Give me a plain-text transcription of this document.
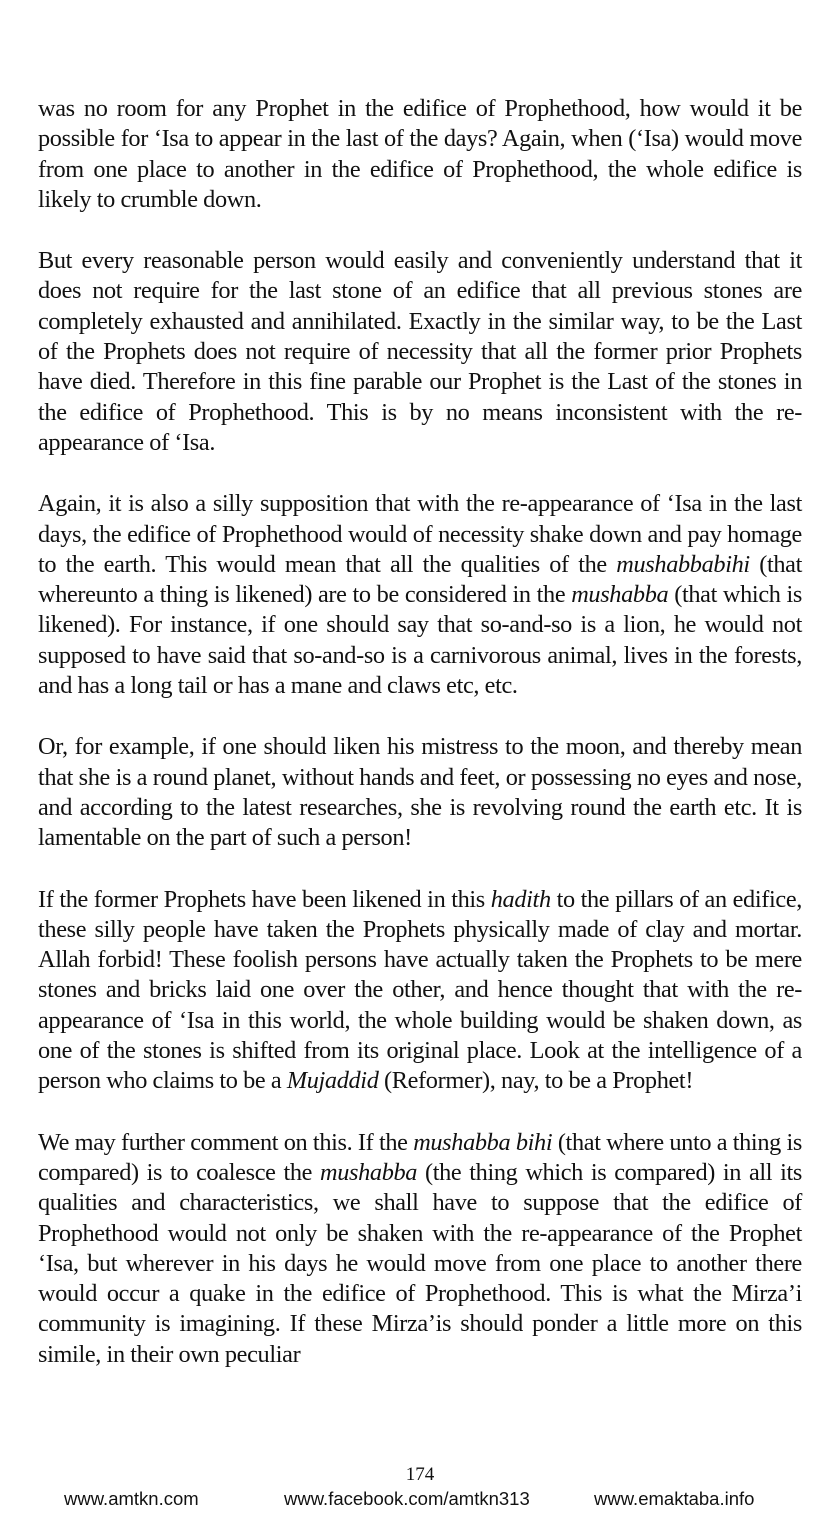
was no room for any Prophet in the edifice of Prophethood, how would it be possible for ‘Isa to appear in the last of the days? Again, when (‘Isa) would move from one place to another in the edifice of Prophethood, the whole edifice is likely to crumble down.

But every reasonable person would easily and conveniently understand that it does not require for the last stone of an edifice that all previous stones are completely exhausted and annihilated. Exactly in the similar way, to be the Last of the Prophets does not require of necessity that all the former prior Prophets have died. Therefore in this fine parable our Prophet is the Last of the stones in the edifice of Prophethood. This is by no means inconsistent with the re-appearance of ‘Isa.

Again, it is also a silly supposition that with the re-appearance of ‘Isa in the last days, the edifice of Prophethood would of necessity shake down and pay homage to the earth. This would mean that all the qualities of the mushabbabihi (that whereunto a thing is likened) are to be considered in the mushabba (that which is likened). For instance, if one should say that so-and-so is a lion, he would not supposed to have said that so-and-so is a carnivorous animal, lives in the forests, and has a long tail or has a mane and claws etc, etc.

Or, for example, if one should liken his mistress to the moon, and thereby mean that she is a round planet, without hands and feet, or possessing no eyes and nose, and according to the latest researches, she is revolving round the earth etc. It is lamentable on the part of such a person!

If the former Prophets have been likened in this hadith to the pillars of an edifice, these silly people have taken the Prophets physically made of clay and mortar. Allah forbid! These foolish persons have actually taken the Prophets to be mere stones and bricks laid one over the other, and hence thought that with the re-appearance of ‘Isa in this world, the whole building would be shaken down, as one of the stones is shifted from its original place. Look at the intelligence of a person who claims to be a Mujaddid (Reformer), nay, to be a Prophet!

We may further comment on this. If the mushabba bihi (that where unto a thing is compared) is to coalesce the mushabba (the thing which is compared) in all its qualities and characteristics, we shall have to suppose that the edifice of Prophethood would not only be shaken with the re-appearance of the Prophet ‘Isa, but wherever in his days he would move from one place to another there would occur a quake in the edifice of Prophethood. This is what the Mirza’i community is imagining. If these Mirza’is should ponder a little more on this simile, in their own peculiar

174
www.amtkn.com	www.facebook.com/amtkn313	www.emaktaba.info
